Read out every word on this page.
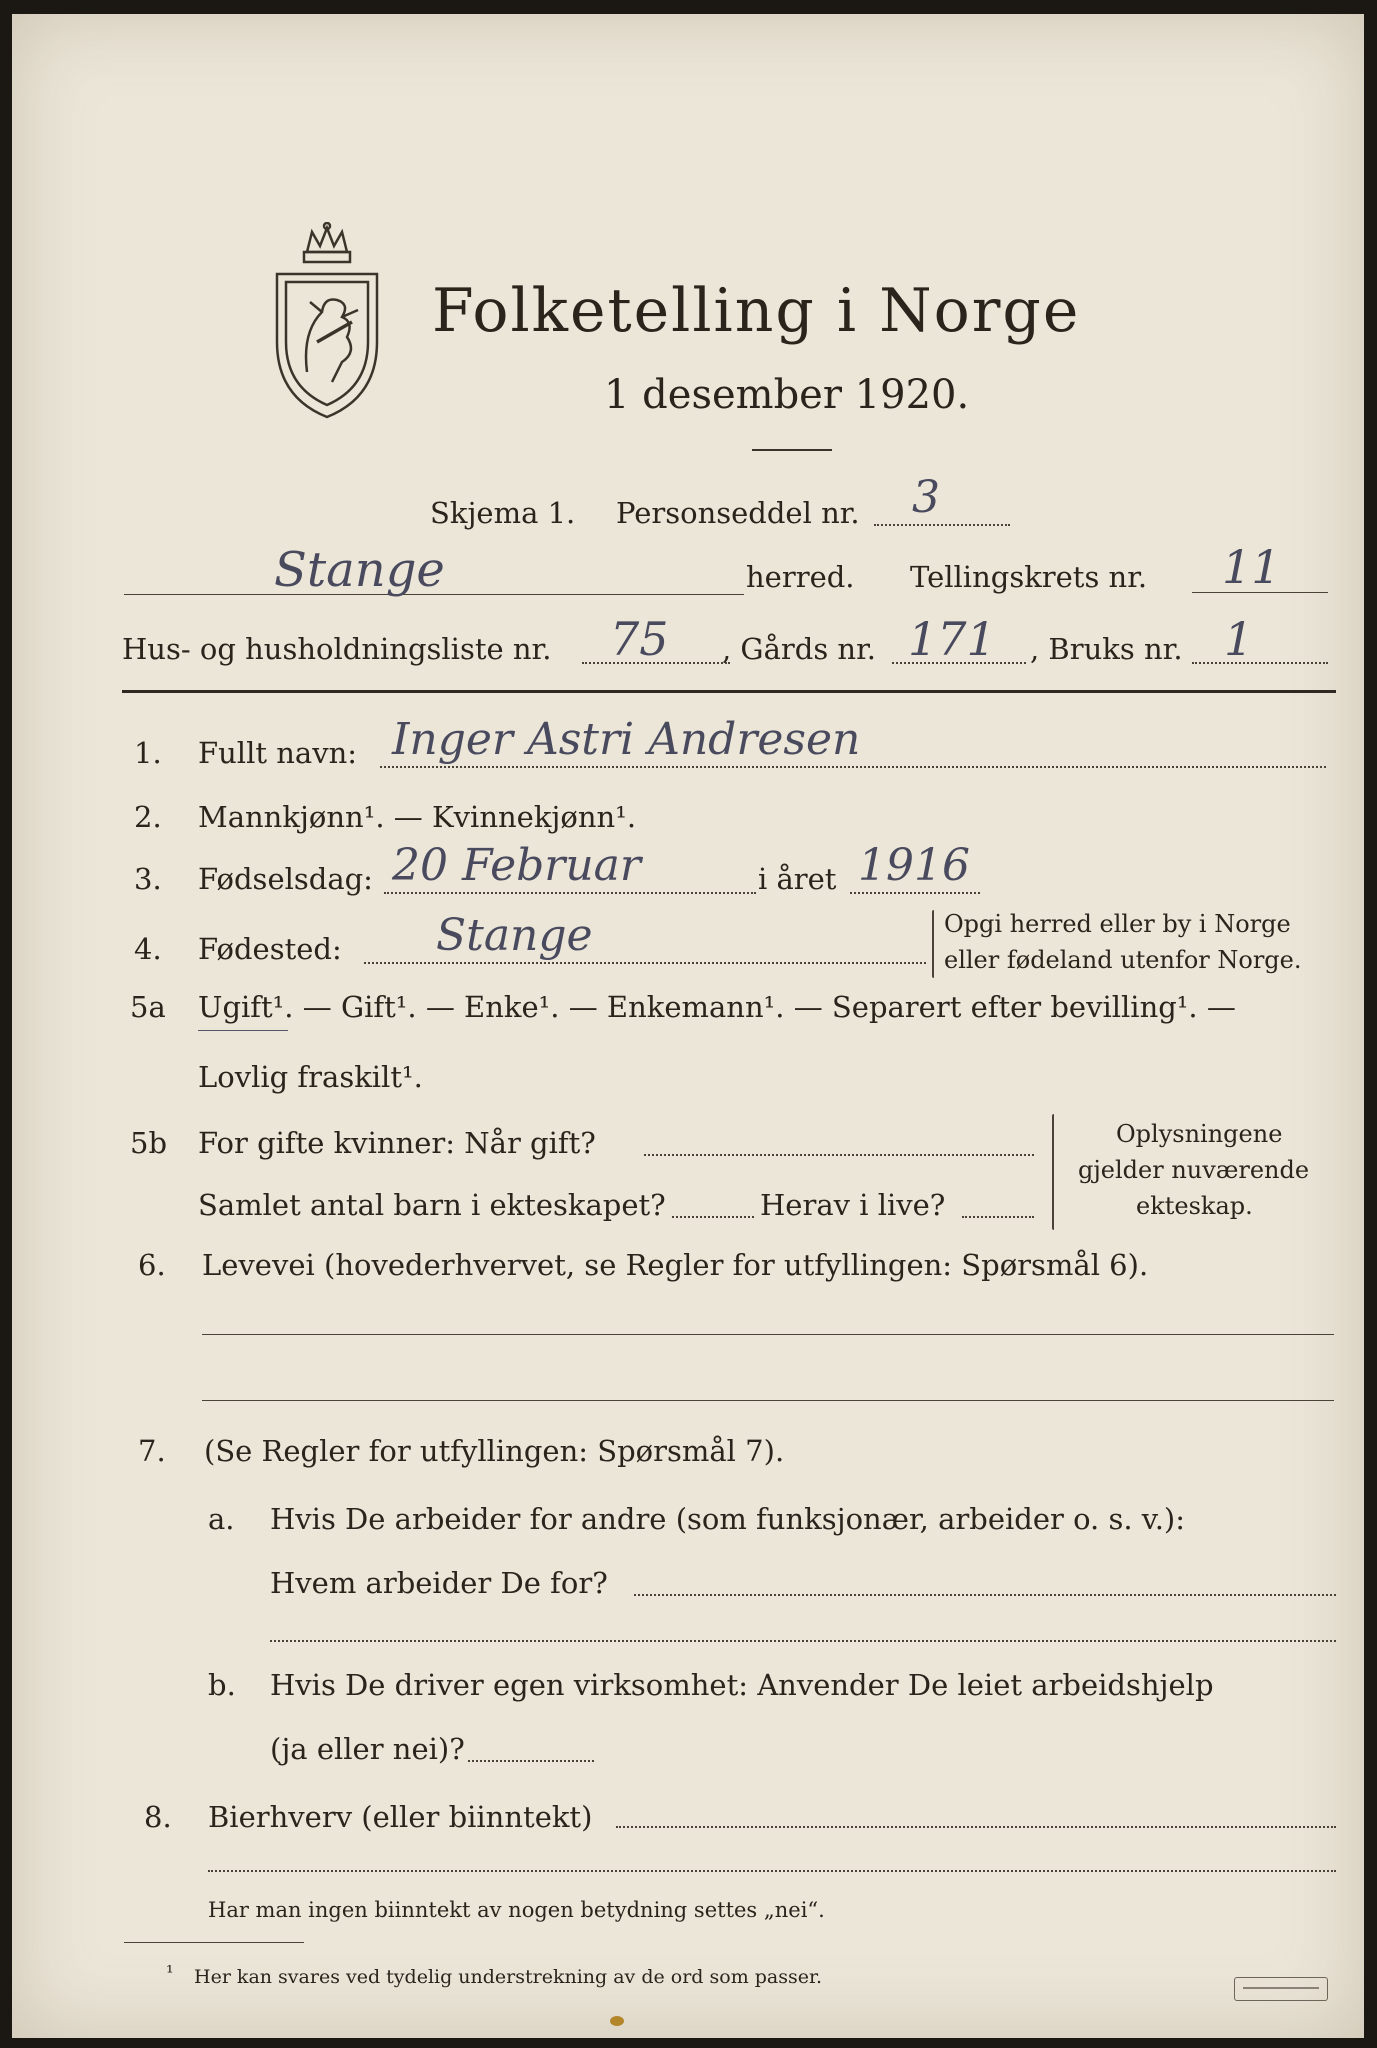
Folketelling i Norge
1 desember 1920.
Skjema 1. Personseddel nr. 3
Stange	herred. Tellingskrets nr. 11
Hus- og husholdningsliste nr. 75 , Gårds nr. 171 , Bruks nr. 1
1. Fullt navn: Inger Astri Andresen
2. Mannkjønn¹. — Kvinnekjønn¹.
3. Fødselsdag: 20 Februar	i året 1916
4. Fødested: Stange	Opgi herred eller by i Norge
eller fødeland utenfor Norge.
5a Ugift¹. — Gift¹. — Enke¹. — Enkemann¹. — Separert efter bevilling¹. —
Lovlig fraskilt¹.
5b For gifte kvinner: Når gift?
Samlet antal barn i ekteskapet?	Herav i live?
Oplysningene
gjelder nuværende
ekteskap.
6. Levevei (hovederhvervet, se Regler for utfyllingen: Spørsmål 6).
7. (Se Regler for utfyllingen: Spørsmål 7).
a. Hvis De arbeider for andre (som funksjonær, arbeider o. s. v.):
Hvem arbeider De for?
b. Hvis De driver egen virksomhet: Anvender De leiet arbeidshjelp
(ja eller nei)?
8. Bierhverv (eller biinntekt)
Har man ingen biinntekt av nogen betydning settes „nei“.
¹ Her kan svares ved tydelig understrekning av de ord som passer.
